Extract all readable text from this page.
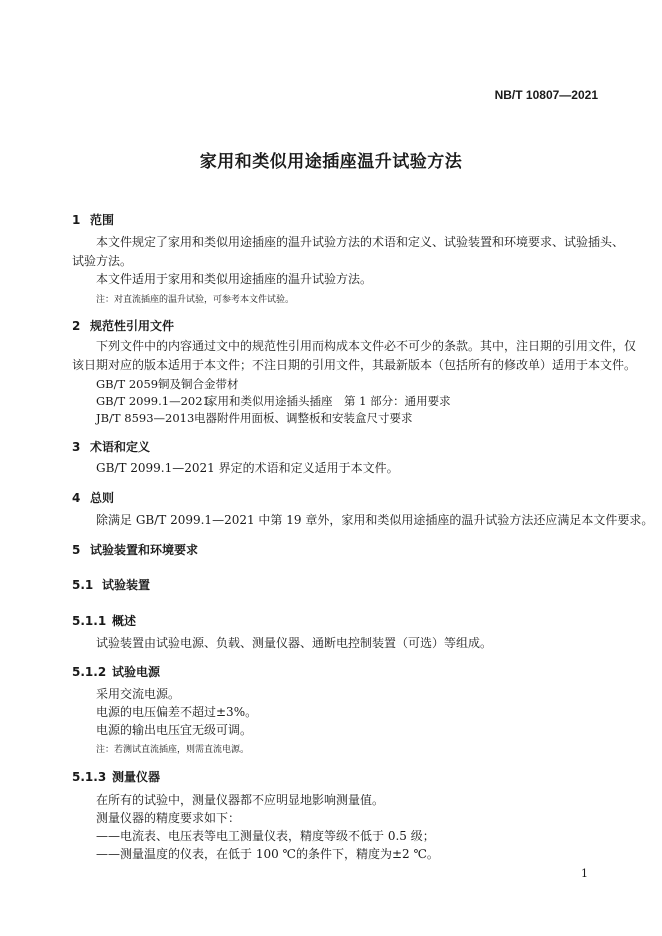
NB/T 10807—2021
家用和类似用途插座温升试验方法
1 范围
本文件规定了家用和类似用途插座的温升试验方法的术语和定义、试验装置和环境要求、试验插头、
试验方法。
本文件适用于家用和类似用途插座的温升试验方法。
注：对直流插座的温升试验，可参考本文件试验。
2 规范性引用文件
下列文件中的内容通过文中的规范性引用而构成本文件必不可少的条款。其中，注日期的引用文件，仅
该日期对应的版本适用于本文件；不注日期的引用文件，其最新版本（包括所有的修改单）适用于本文件。
GB/T 2059铜及铜合金带材
GB/T 2099.1—2021家用和类似用途插头插座　第 1 部分：通用要求
JB/T 8593—2013电器附件用面板、调整板和安装盒尺寸要求
3 术语和定义
GB/T 2099.1—2021 界定的术语和定义适用于本文件。
4 总则
除满足 GB/T 2099.1—2021 中第 19 章外，家用和类似用途插座的温升试验方法还应满足本文件要求。
5 试验装置和环境要求
5.1 试验装置
5.1.1 概述
试验装置由试验电源、负载、测量仪器、通断电控制装置（可选）等组成。
5.1.2 试验电源
采用交流电源。
电源的电压偏差不超过±3%。
电源的输出电压宜无级可调。
注：若测试直流插座，则需直流电源。
5.1.3 测量仪器
在所有的试验中，测量仪器都不应明显地影响测量值。
测量仪器的精度要求如下：
——电流表、电压表等电工测量仪表，精度等级不低于 0.5 级；
——测量温度的仪表，在低于 100 ℃的条件下，精度为±2 ℃。
1
